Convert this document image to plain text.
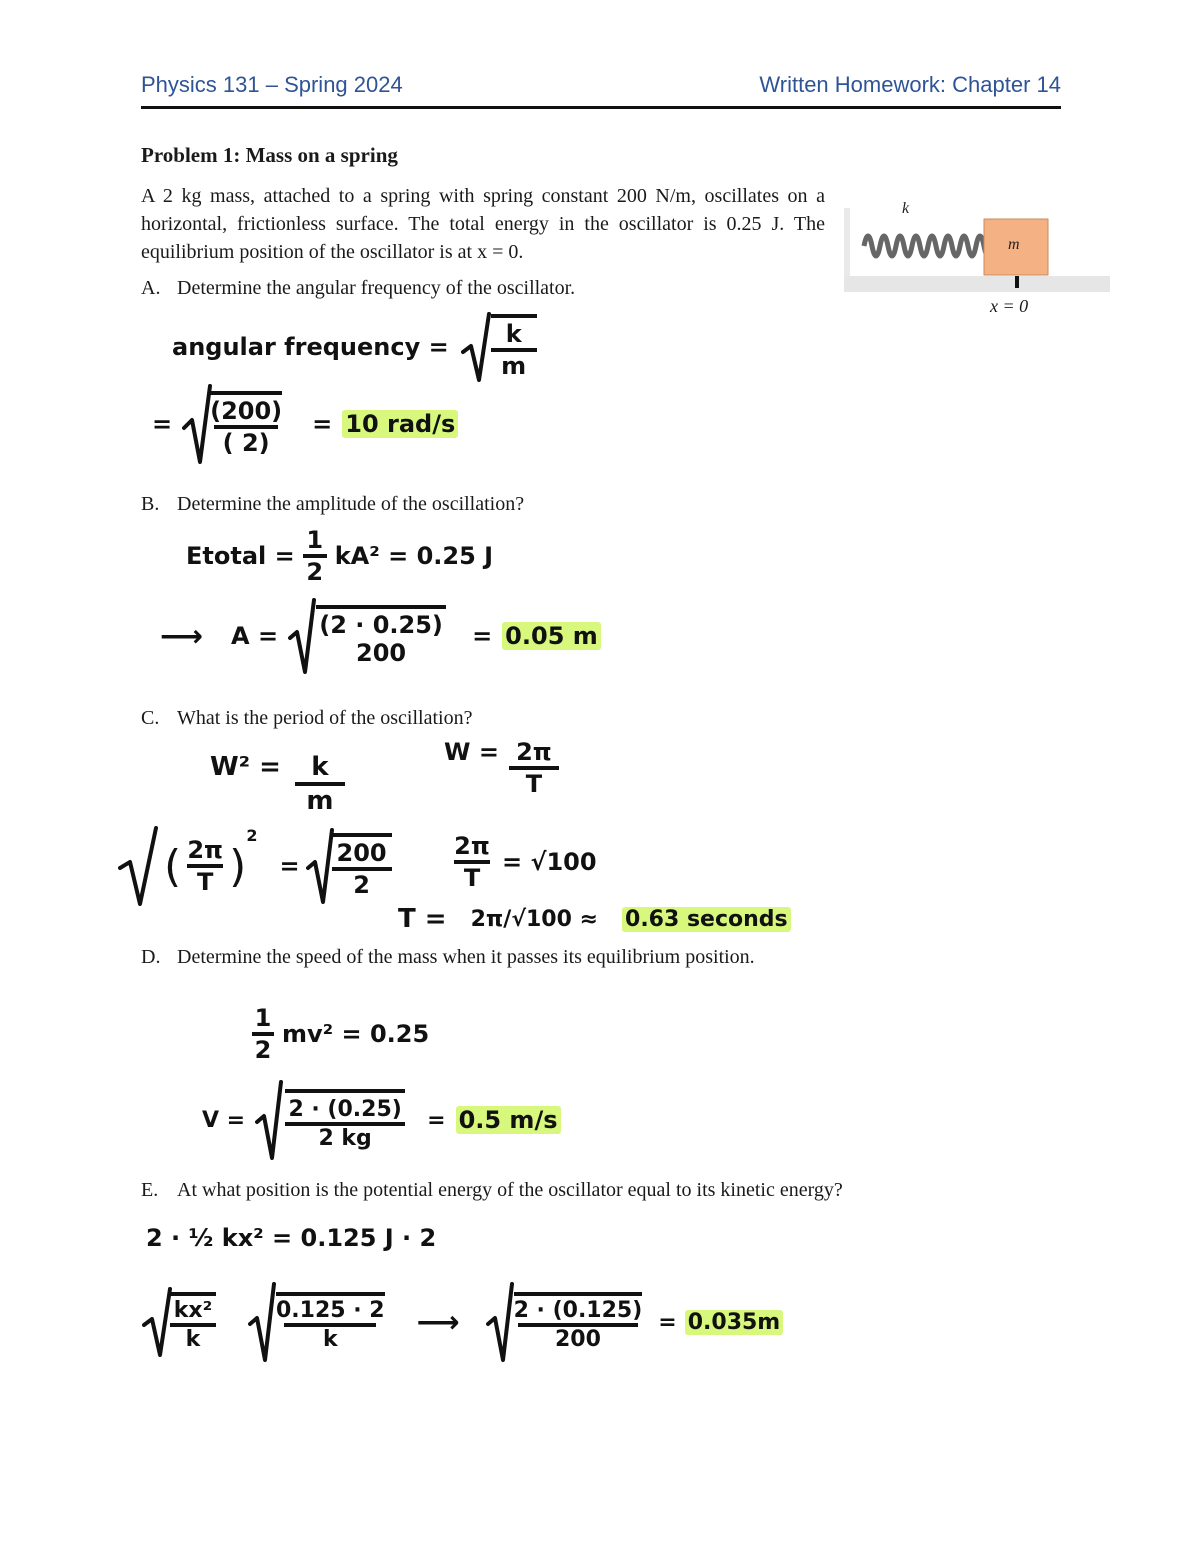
Physics 131 – Spring 2024	Written Homework: Chapter 14
Problem 1: Mass on a spring
A 2 kg mass, attached to a spring with spring constant 200 N/m, oscillates on a horizontal, frictionless surface. The total energy in the oscillator is 0.25 J. The equilibrium position of the oscillator is at x = 0.
k
m
x = 0
A. Determine the angular frequency of the oscillator.
angular frequency = $\frac{k}{m}$
= $\frac{(200)}{( 2)} = 10$ rad/s
B. Determine the amplitude of the oscillation?
Etotal = $\frac{1}{2} kA^2 = 0.25$ J
⟶ A = (2 · 0.25)
200
= 0.05 m
C. What is the period of the oscillation?
$W^2 = \frac{k}{m}$	$W = \frac{2\pi}{T}$
( $\frac{2\pi}{T}$ )
$^2$
= $\frac{200}{2}$	$\frac{2\pi}{T} = √100$
T = 2π/√100 ≈ 0.63 seconds
D. Determine the speed of the mass when it passes its equilibrium position.
$\frac{1}{2} mv^2 = 0.25$
$V = \frac{2 \cdot (0.25)}{2 kg} = 0.5$ m/s
E. At what position is the potential energy of the oscillator equal to its kinetic energy?
2 · ½ kx² = 0.125 J · 2
$\frac{\text{kx²}}{k}$	$\frac{0.125 \cdot 2}{k}$ ⟶ $\frac{2 \cdot (0.125)}{200} = 0.035m$
